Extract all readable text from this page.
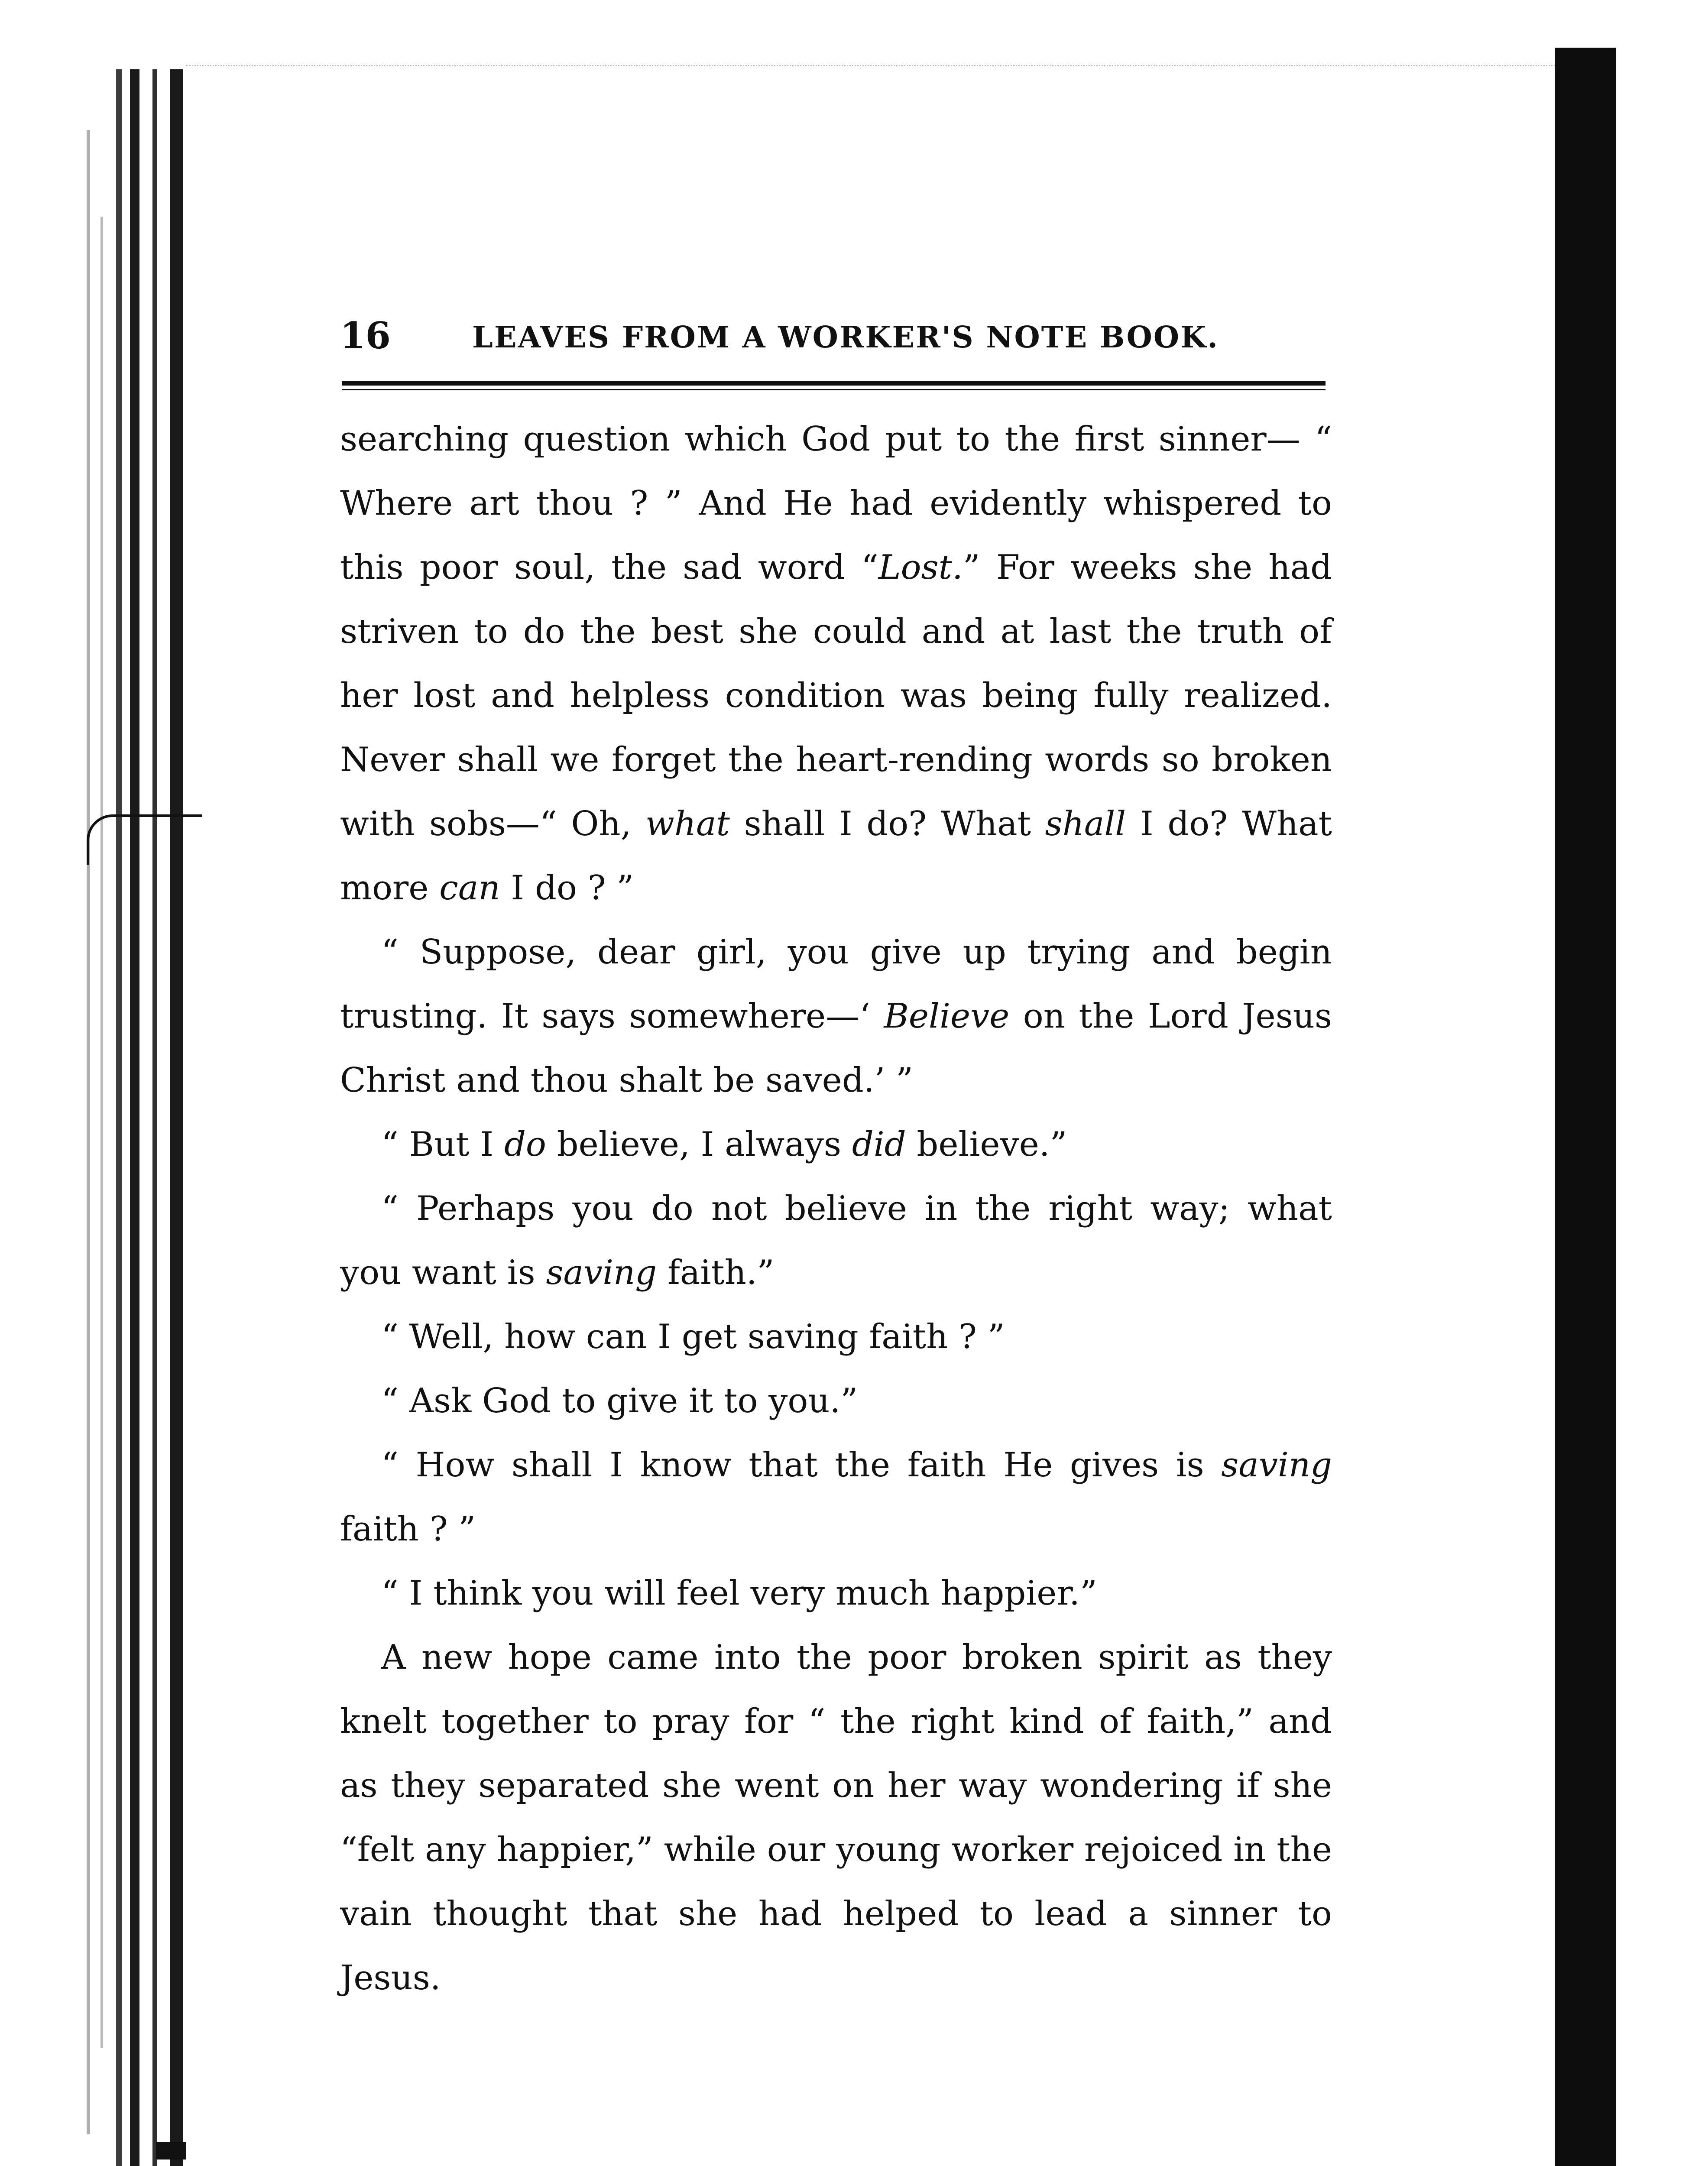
16	LEAVES FROM A WORKER'S NOTE BOOK.

searching question which God put to the first sinner— “ Where art thou ? ” And He had evidently whispered to this poor soul, the sad word “Lost.” For weeks she had striven to do the best she could and at last the truth of her lost and helpless condition was being fully realized. Never shall we forget the heart-rending words so broken with sobs—“ Oh, what shall I do? What shall I do? What more can I do ? ”

“ Suppose, dear girl, you give up trying and begin trusting. It says somewhere—‘ Believe on the Lord Jesus Christ and thou shalt be saved.’ ”

“ But I do believe, I always did believe.”

“ Perhaps you do not believe in the right way; what you want is saving faith.”

“ Well, how can I get saving faith ? ”

“ Ask God to give it to you.”

“ How shall I know that the faith He gives is saving faith ? ”

“ I think you will feel very much happier.”

A new hope came into the poor broken spirit as they knelt together to pray for “ the right kind of faith,” and as they separated she went on her way wondering if she “felt any happier,” while our young worker rejoiced in the vain thought that she had helped to lead a sinner to Jesus.
